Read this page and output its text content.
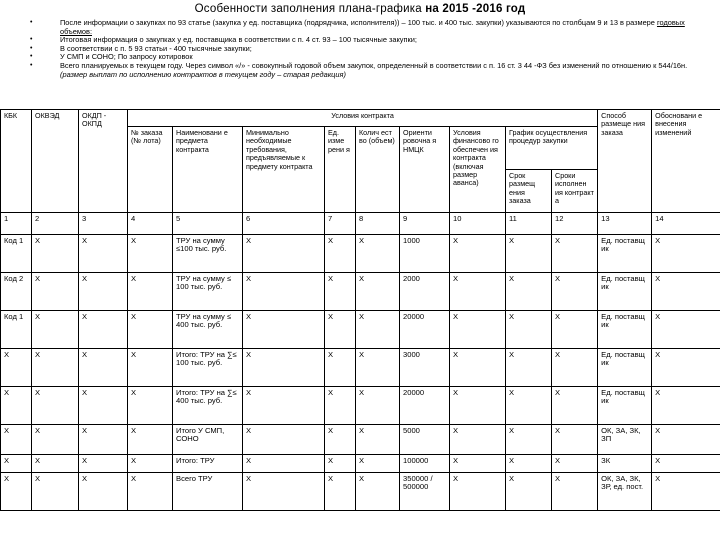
Особенности заполнения плана-графика на 2015 -2016 год
• После информации о закупках по 93 статье (закупка у ед. поставщика (подрядчика, исполнителя)) – 100 тыс. и 400 тыс. закупки) указываются по столбцам 9 и 13 в размере годовых объемов:
• Итоговая информация о закупках у ед. поставщика в соответствии с п. 4 ст. 93 – 100 тысячные закупки;
• В соответствии с п. 5 93 статьи - 400 тысячные закупки;
• У СМП и СОНО; По запросу котировок
• Всего планируемых в текущем году. Через символ «/» - совокупный годовой объем закупок, определенный в соответствии с п. 16 ст. 3 44 -ФЗ без изменений по отношению к 544/16н.(размер выплат по исполнению контрактов в текущем году – старая редакция)
КБК	ОКВЭД	ОКДП - ОКПД	Условия контракта									Способ размеще ния заказа	Обосновани е внесения изменений
			№ заказа (№ лота)	Наименовани е предмета контракта	Минимально необходимые требования, предъявляемые к предмету контракта	Ед. изме рени я	Колич ест во (объем)	Ориенти ровочна я НМЦК	Условия финансово го обеспечен ия контракта (включая размер аванса)	График осуществления процедур закупки			
										Срок размещ ения заказа	Сроки исполнен ия контракт а		
1	2	3	4	5	6	7	8	9	10	11	12	13	14
Код 1	Х	Х	Х	ТРУ на сумму ≤100 тыс. руб.	Х	Х	Х	1000	Х	Х	Х	Ед. поставщ ик	Х
Код 2	Х	Х	Х	ТРУ на сумму ≤ 100 тыс. руб.	Х	Х	Х	2000	Х	Х	Х	Ед. поставщ ик	Х
Код 1	Х	Х	Х	ТРУ на сумму ≤ 400 тыс. руб.	Х	Х	Х	20000	Х	Х	Х	Ед. поставщ ик	Х
Х	Х	Х	Х	Итого: ТРУ на ∑≤ 100 тыс. руб.	Х	Х	Х	3000	Х	Х	Х	Ед. поставщ ик	Х
Х	Х	Х	Х	Итого: ТРУ на ∑≤ 400 тыс. руб.	Х	Х	Х	20000	Х	Х	Х	Ед. поставщ ик	Х
Х	Х	Х	Х	Итого У СМП, СОНО	Х	Х	Х	5000	Х	Х	Х	ОК, ЗА, ЗК, ЗП	Х
Х	Х	Х	Х	Итого: ТРУ	Х	Х	Х	100000	Х	Х	Х	ЗК	Х
Х	Х	Х	Х	Всего ТРУ	Х	Х	Х	350000 / 500000	Х	Х	Х	ОК, ЗА, ЗК, ЗР, ед. пост.	Х
